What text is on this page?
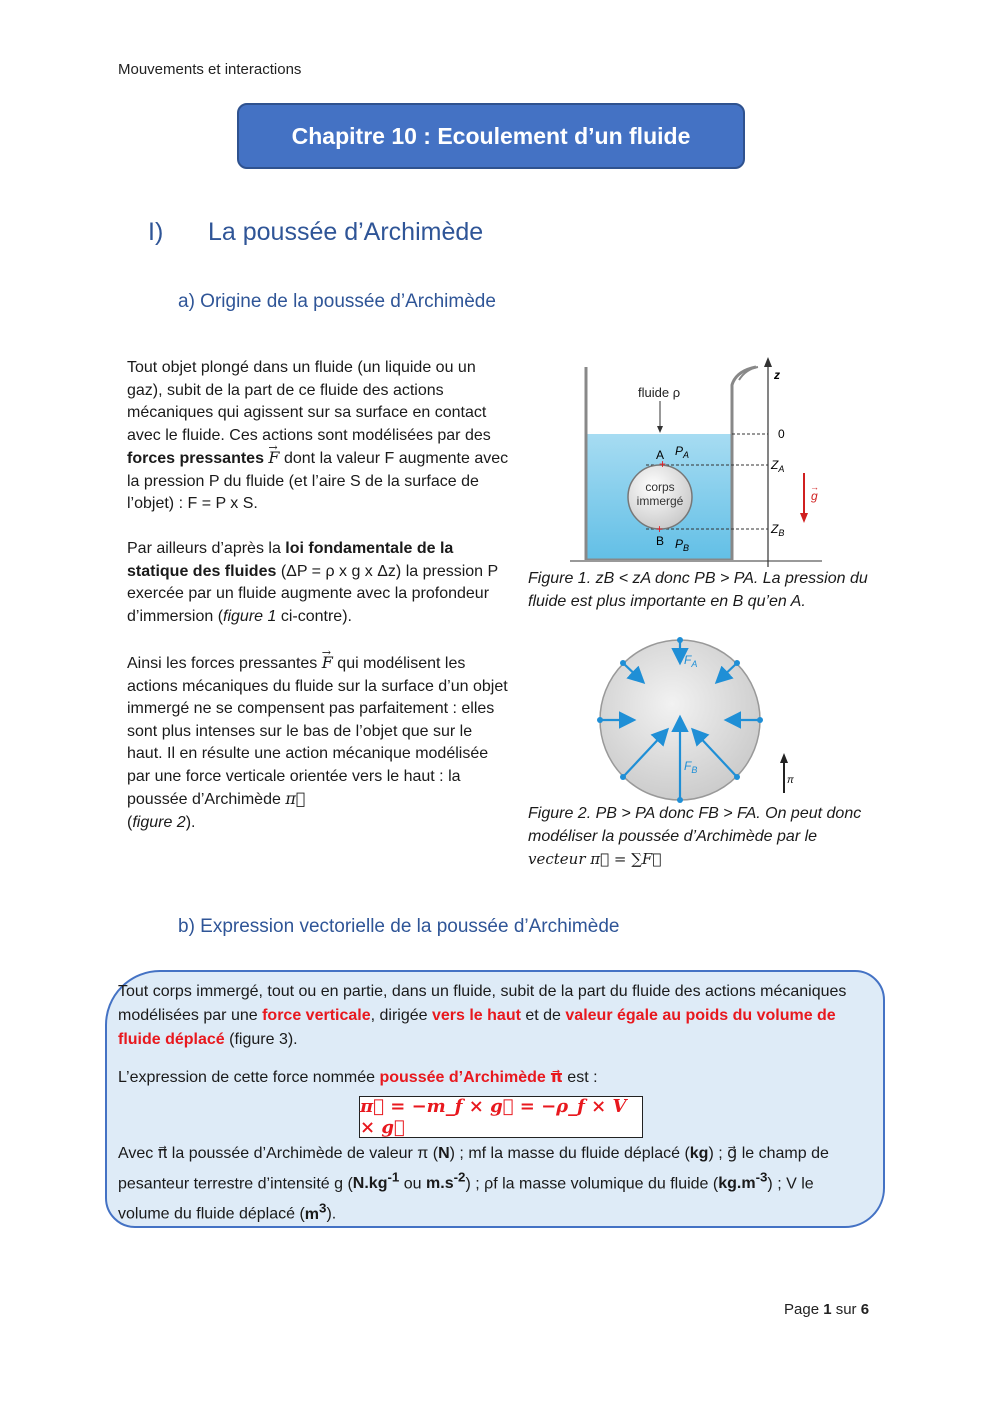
Mouvements et interactions
Chapitre 10 : Ecoulement d’un fluide
I) La poussée d’Archimède
a) Origine de la poussée d’Archimède
Tout objet plongé dans un fluide (un liquide ou un gaz), subit de la part de ce fluide des actions mécaniques qui agissent sur sa surface en contact avec le fluide. Ces actions sont modélisées par des forces pressantes → F dont la valeur F augmente avec la pression P du fluide (et l’aire S de la surface de l’objet) : F = P x S.
Par ailleurs d’après la loi fondamentale de la statique des fluides (ΔP = ρ x g x Δz) la pression P exercée par un fluide augmente avec la profondeur d’immersion (figure 1 ci-contre).
Ainsi les forces pressantes → F qui modélisent les actions mécaniques du fluide sur la surface d’un objet immergé ne se compensent pas parfaitement : elles sont plus intenses sur le bas de l’objet que sur le haut. Il en résulte une action mécanique modélisée par une force verticale orientée vers le haut : la poussée d’Archimède π⃗
(figure 2).
z
fluide ρ
0
$Z_A$
$Z_B$
corps
immergé
A $P_A$
+
B $P_B$
+
g
→
Figure 1. zB < zA donc PB > PA. La pression du fluide est plus importante en B qu’en A.
$F_A$
$F_B$
π
Figure 2. PB > PA donc FB > FA. On peut donc modéliser la poussée d’Archimède par le
vecteur π⃗ = ∑F⃗
b) Expression vectorielle de la poussée d’Archimède
Tout corps immergé, tout ou en partie, dans un fluide, subit de la part du fluide des actions mécaniques modélisées par une force verticale, dirigée vers le haut et de valeur égale au poids du volume de fluide déplacé (figure 3).
L’expression de cette force nommée poussée d’Archimède π⃗ est :
π⃗ = −m_f × g⃗ = −ρ_f × V × g⃗
Avec π⃗ la poussée d’Archimède de valeur π (N) ; mf la masse du fluide déplacé (kg) ; g⃗ le champ de pesanteur terrestre d’intensité g ($N.kg^{-1}$ ou $m.s^{-2}$) ; ρf la masse volumique du fluide $(kg.m^{-3})$ ; V le volume du fluide déplacé $(m^3)$.
Page 1 sur 6
